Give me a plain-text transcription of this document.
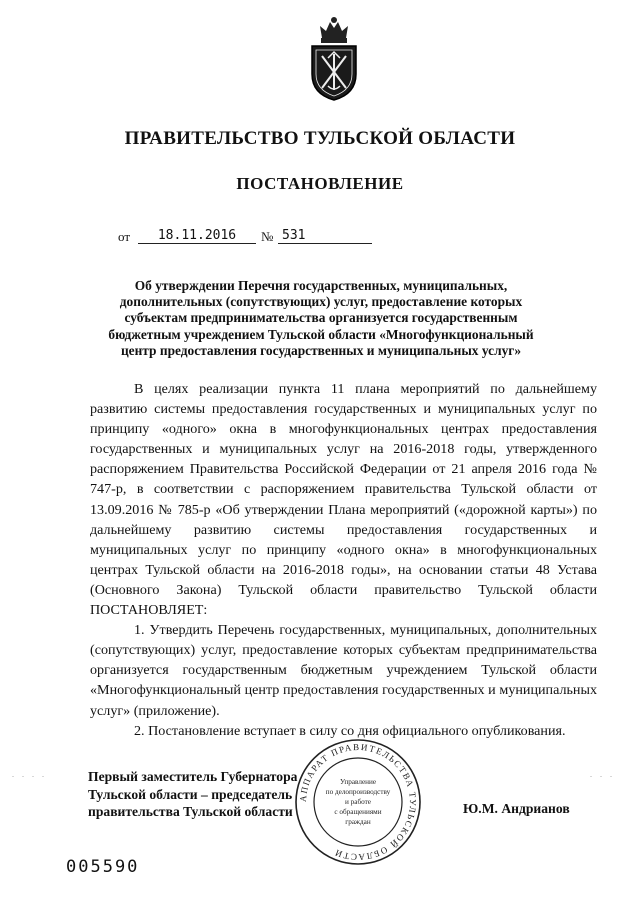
ПРАВИТЕЛЬСТВО ТУЛЬСКОЙ ОБЛАСТИ
ПОСТАНОВЛЕНИЕ
от	18.11.2016	№ 531
Об утверждении Перечня государственных, муниципальных, дополнительных (сопутствующих) услуг, предоставление которых субъектам предпринимательства организуется государственным бюджетным учреждением Тульской области «Многофункциональный центр предоставления государственных и муниципальных услуг»

В целях реализации пункта 11 плана мероприятий по дальнейшему развитию системы предоставления государственных и муниципальных услуг по принципу «одного» окна в многофункциональных центрах предоставления государственных и муниципальных услуг на 2016-2018 годы, утвержденного распоряжением Правительства Российской Федерации от 21 апреля 2016 года № 747-р, в соответствии с распоряжением правительства Тульской области от 13.09.2016 № 785-р «Об утверждении Плана мероприятий («дорожной карты») по дальнейшему развитию системы предоставления государственных и муниципальных услуг по принципу «одного окна» в многофункциональных центрах Тульской области на 2016-2018 годы», на основании статьи 48 Устава (Основного Закона) Тульской области правительство Тульской области ПОСТАНОВЛЯЕТ:

1. Утвердить Перечень государственных, муниципальных, дополнительных (сопутствующих) услуг, предоставление которых субъектам предпринимательства организуется государственным бюджетным учреждением Тульской области «Многофункциональный центр предоставления государственных и муниципальных услуг» (приложение).

2. Постановление вступает в силу со дня официального опубликования.

. . . .	. . .
Первый заместитель Губернатора
Тульской области – председатель
правительства Тульской области
АППАРАТ ПРАВИТЕЛЬСТВА ТУЛЬСКОЙ ОБЛАСТИ
Управление
по делопроизводству
и работе
с обращениями
граждан
Ю.М. Андрианов
005590
